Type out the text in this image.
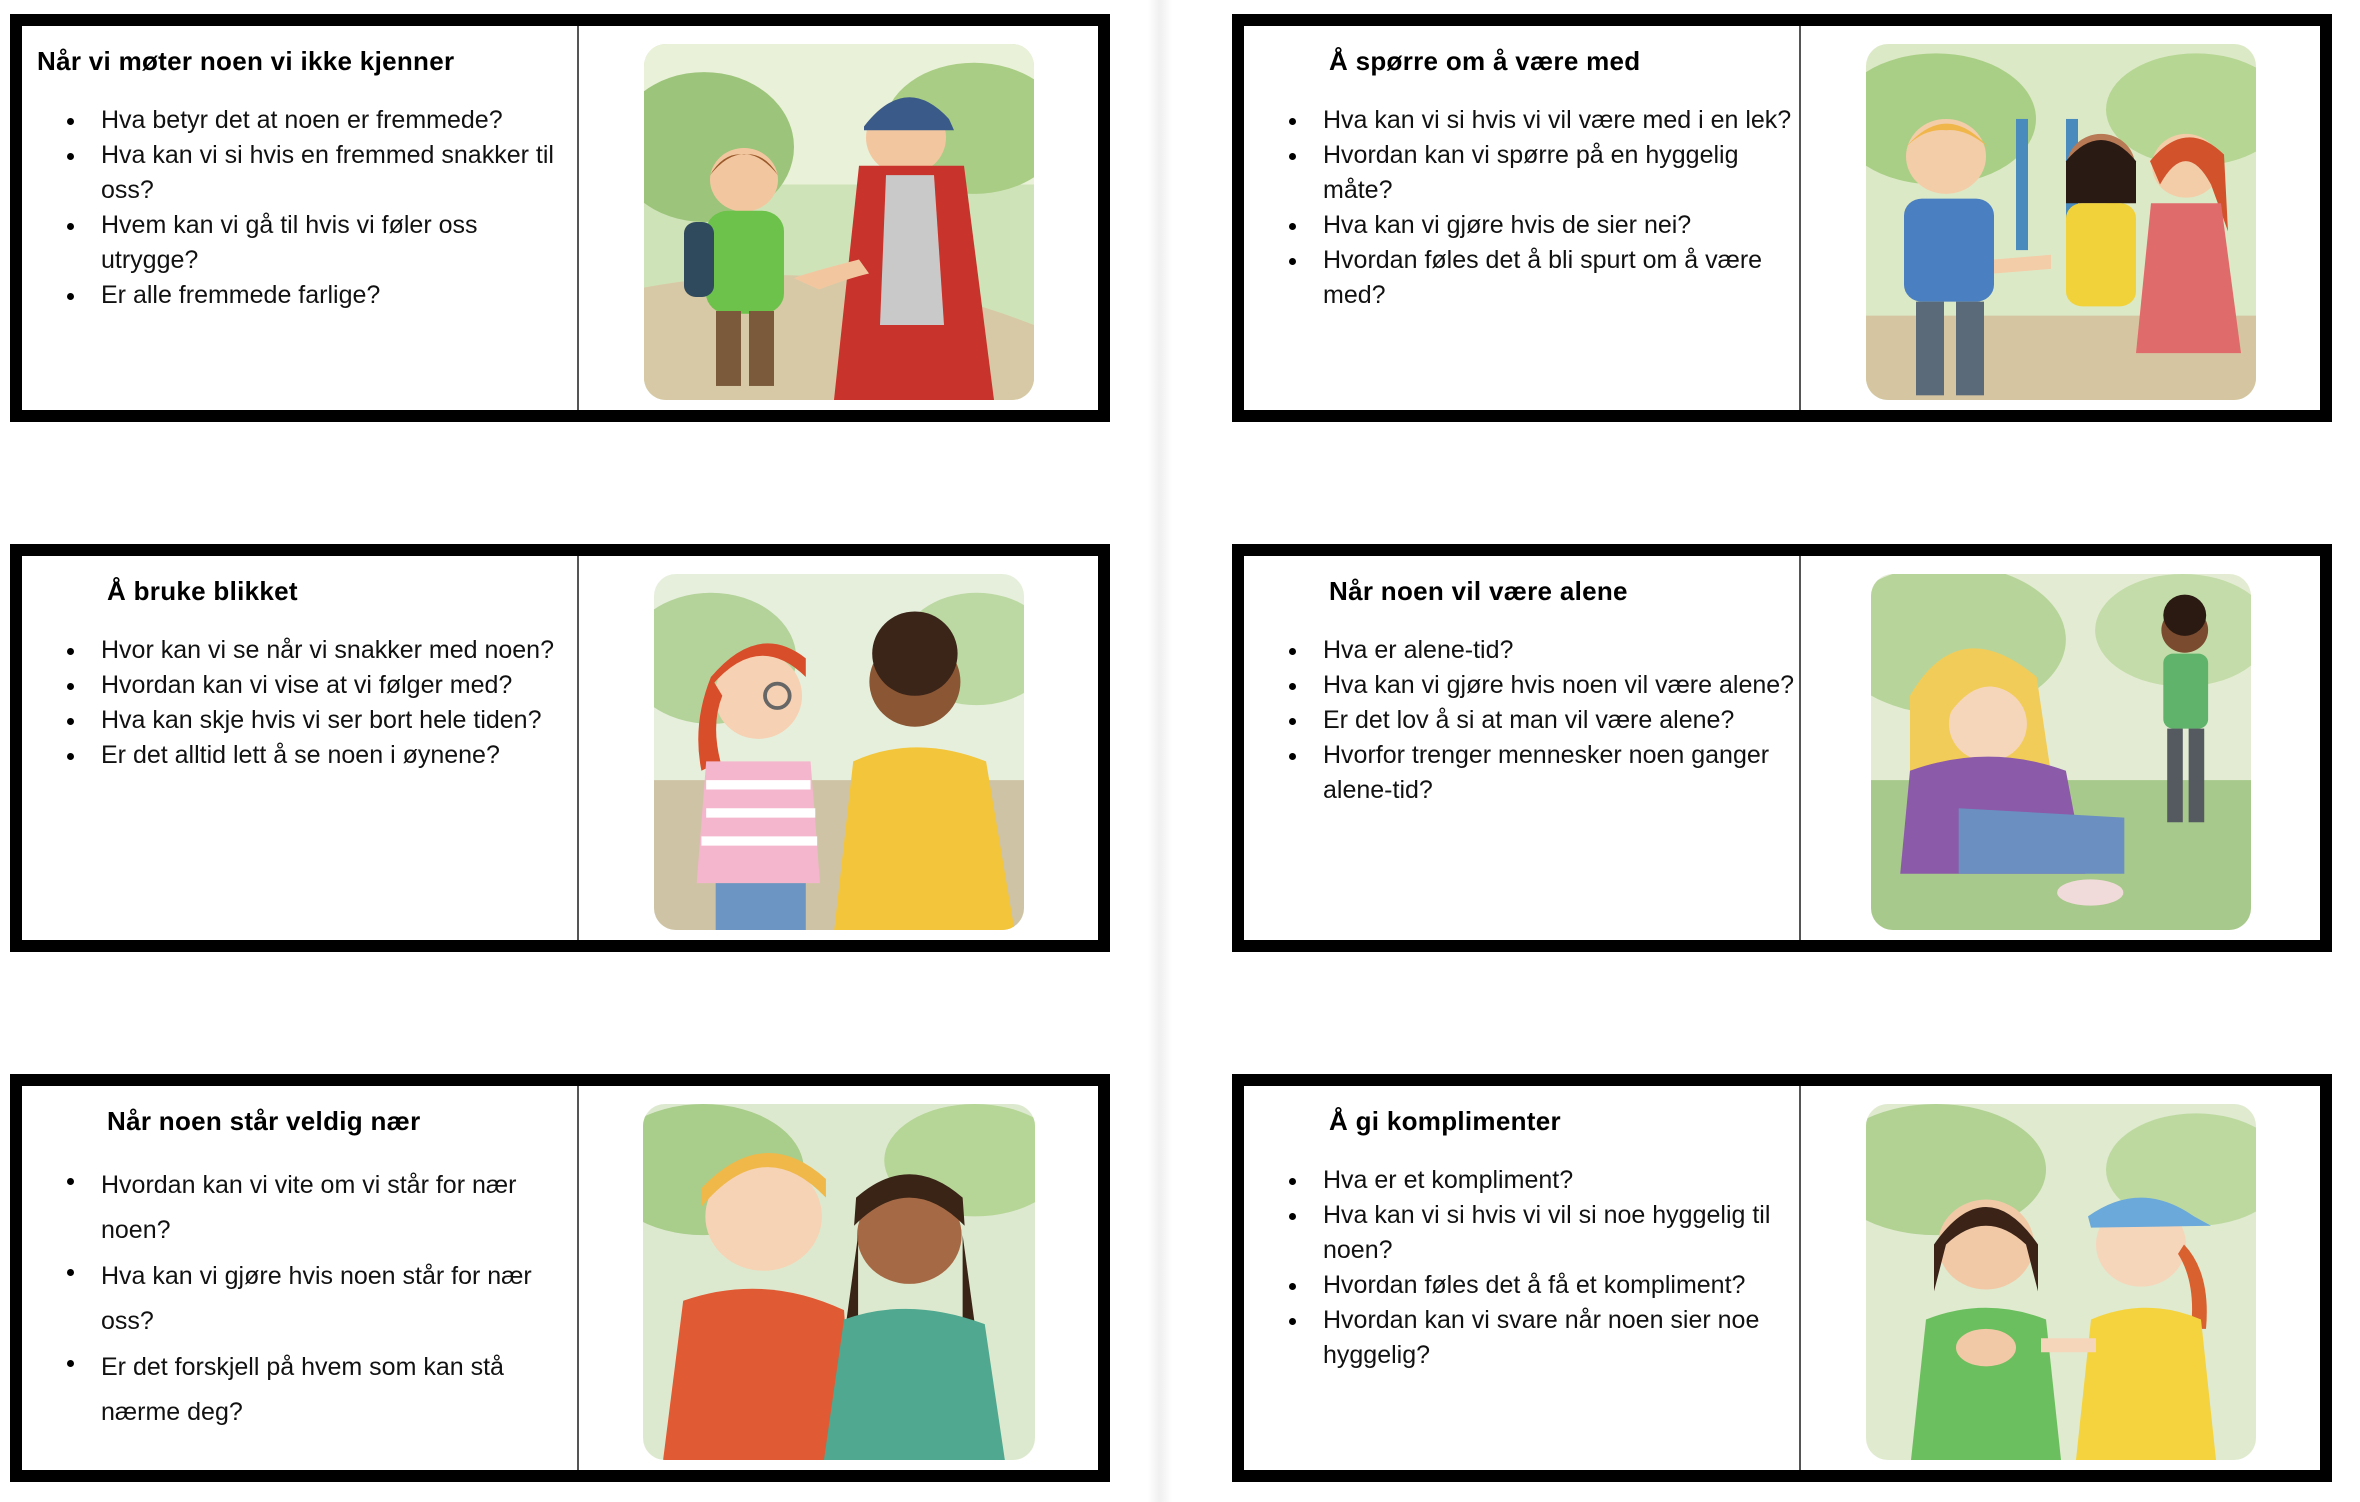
Når vi møter noen vi ikke kjenner
Hva betyr det at noen er fremmede?
Hva kan vi si hvis en fremmed snakker til oss?
Hvem kan vi gå til hvis vi føler oss utrygge?
Er alle fremmede farlige?
Å spørre om å være med
Hva kan vi si hvis vi vil være med i en lek?
Hvordan kan vi spørre på en hyggelig måte?
Hva kan vi gjøre hvis de sier nei?
Hvordan føles det å bli spurt om å være med?
Å bruke blikket
Hvor kan vi se når vi snakker med noen?
Hvordan kan vi vise at vi følger med?
Hva kan skje hvis vi ser bort hele tiden?
Er det alltid lett å se noen i øynene?
Når noen vil være alene
Hva er alene-tid?
Hva kan vi gjøre hvis noen vil være alene?
Er det lov å si at man vil være alene?
Hvorfor trenger mennesker noen ganger alene-tid?
Når noen står veldig nær
Hvordan kan vi vite om vi står for nær noen?
Hva kan vi gjøre hvis noen står for nær oss?
Er det forskjell på hvem som kan stå nærme deg?
Å gi komplimenter
Hva er et kompliment?
Hva kan vi si hvis vi vil si noe hyggelig til noen?
Hvordan føles det å få et kompliment?
Hvordan kan vi svare når noen sier noe hyggelig?
